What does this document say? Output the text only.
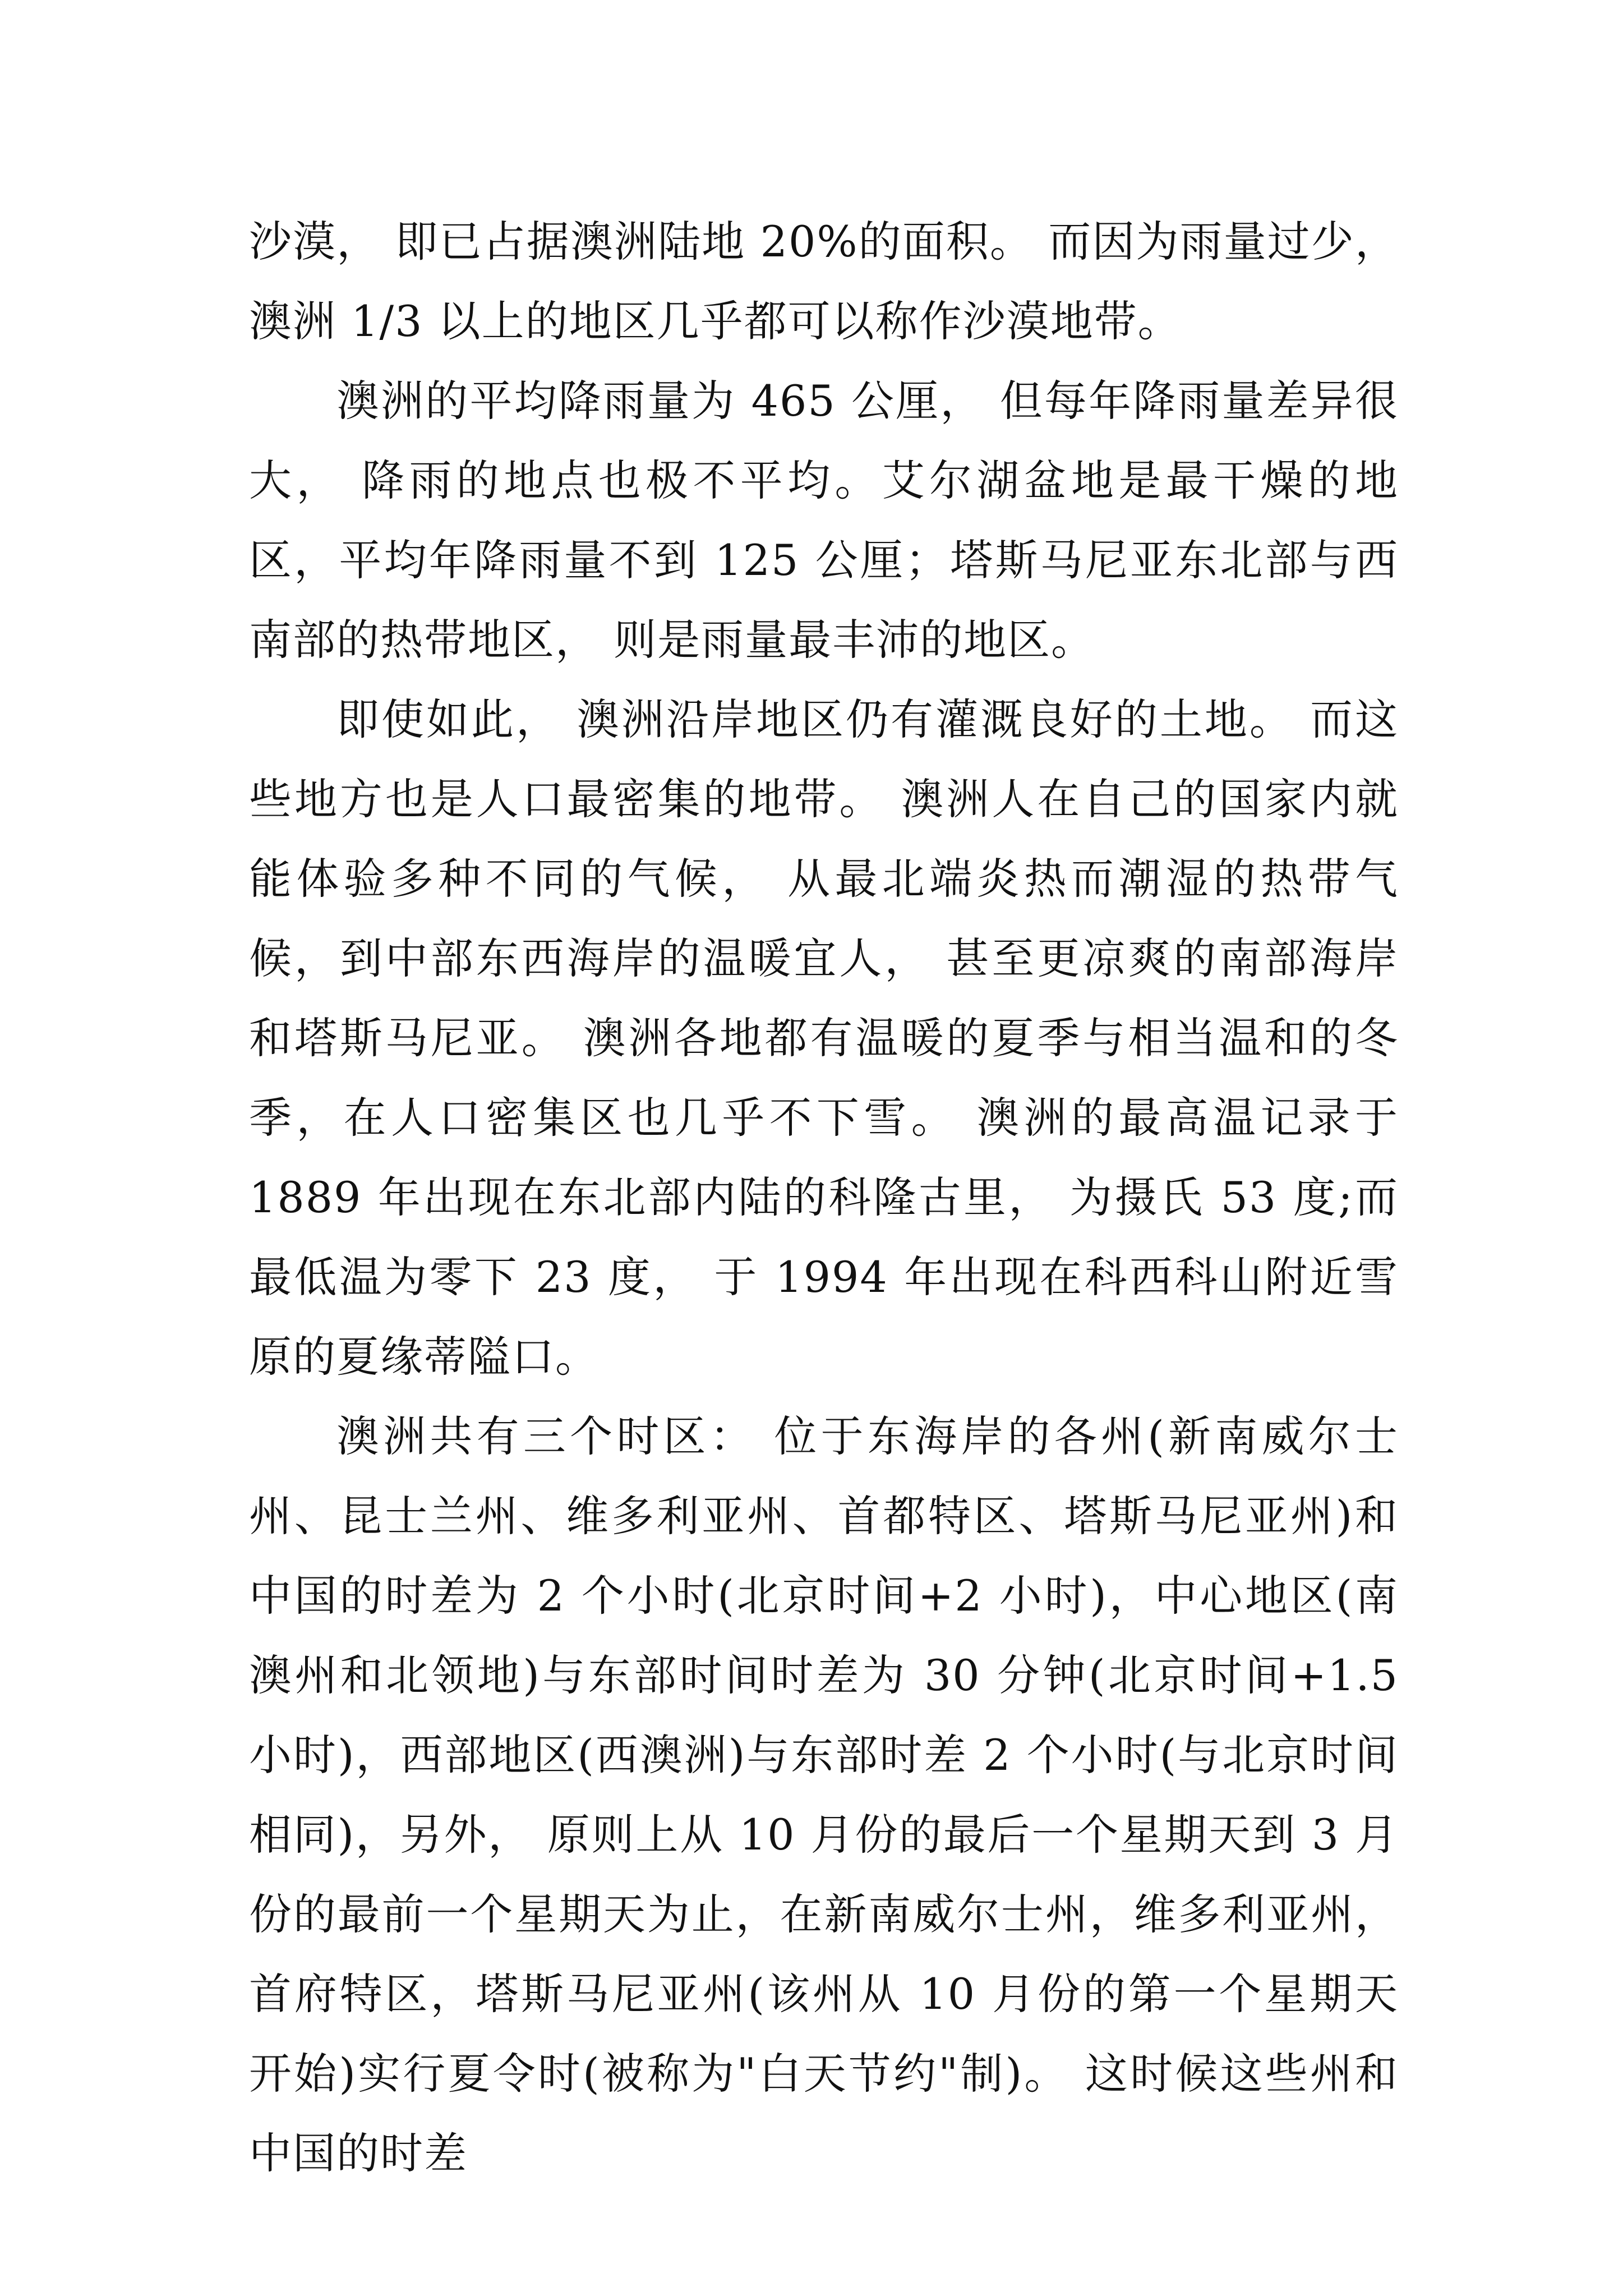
沙漠， 即已占据澳洲陆地 20%的面积。 而因为雨量过少， 澳洲 1/3 以上的地区几乎都可以称作沙漠地带。

澳洲的平均降雨量为 465 公厘， 但每年降雨量差异很大， 降雨的地点也极不平均。艾尔湖盆地是最干燥的地区，平均年降雨量不到 125 公厘；塔斯马尼亚东北部与西南部的热带地区， 则是雨量最丰沛的地区。

即使如此， 澳洲沿岸地区仍有灌溉良好的土地。 而这些地方也是人口最密集的地带。 澳洲人在自己的国家内就能体验多种不同的气候， 从最北端炎热而潮湿的热带气候，到中部东西海岸的温暖宜人， 甚至更凉爽的南部海岸和塔斯马尼亚。 澳洲各地都有温暖的夏季与相当温和的冬季，在人口密集区也几乎不下雪。 澳洲的最高温记录于 1889 年出现在东北部内陆的科隆古里， 为摄氏 53 度;而最低温为零下 23 度， 于 1994 年出现在科西科山附近雪原的夏缘蒂隘口。

澳洲共有三个时区： 位于东海岸的各州(新南威尔士州、昆士兰州、维多利亚州、首都特区、塔斯马尼亚州)和中国的时差为 2 个小时(北京时间+2 小时)，中心地区(南澳州和北领地)与东部时间时差为 30 分钟(北京时间+1.5 小时)，西部地区(西澳洲)与东部时差 2 个小时(与北京时间相同)，另外， 原则上从 10 月份的最后一个星期天到 3 月份的最前一个星期天为止，在新南威尔士州，维多利亚州，首府特区，塔斯马尼亚州(该州从 10 月份的第一个星期天开始)实行夏令时(被称为"白天节约"制)。 这时候这些州和中国的时差
